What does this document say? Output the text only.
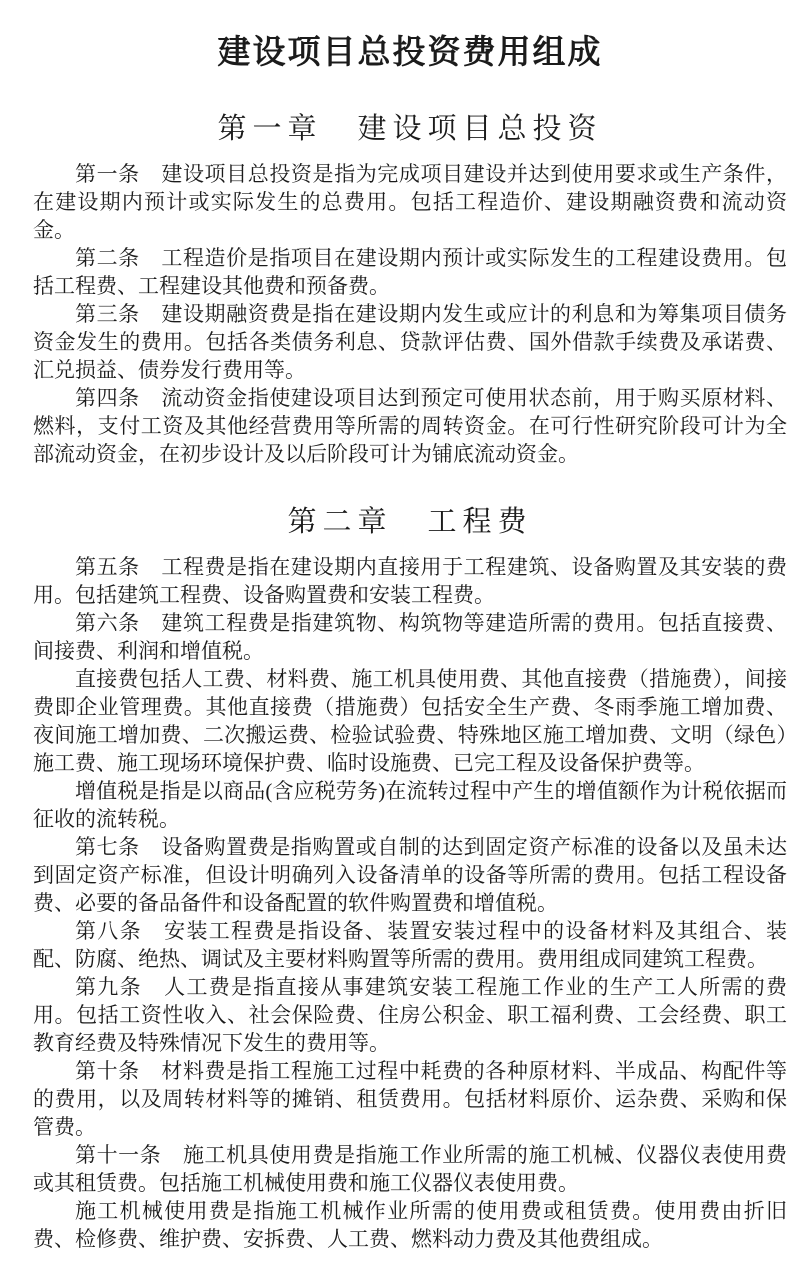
建设项目总投资费用组成
第一章　建设项目总投资

第一条　建设项目总投资是指为完成项目建设并达到使用要求或生产条件，在建设期内预计或实际发生的总费用。包括工程造价、建设期融资费和流动资金。

第二条　工程造价是指项目在建设期内预计或实际发生的工程建设费用。包括工程费、工程建设其他费和预备费。

第三条　建设期融资费是指在建设期内发生或应计的利息和为筹集项目债务资金发生的费用。包括各类债务利息、贷款评估费、国外借款手续费及承诺费、汇兑损益、债券发行费用等。

第四条　流动资金指使建设项目达到预定可使用状态前，用于购买原材料、燃料，支付工资及其他经营费用等所需的周转资金。在可行性研究阶段可计为全部流动资金，在初步设计及以后阶段可计为铺底流动资金。

第二章　工程费

第五条　工程费是指在建设期内直接用于工程建筑、设备购置及其安装的费用。包括建筑工程费、设备购置费和安装工程费。

第六条　建筑工程费是指建筑物、构筑物等建造所需的费用。包括直接费、间接费、利润和增值税。

直接费包括人工费、材料费、施工机具使用费、其他直接费（措施费），间接费即企业管理费。其他直接费（措施费）包括安全生产费、冬雨季施工增加费、夜间施工增加费、二次搬运费、检验试验费、特殊地区施工增加费、文明（绿色）施工费、施工现场环境保护费、临时设施费、已完工程及设备保护费等。

增值税是指是以商品(含应税劳务)在流转过程中产生的增值额作为计税依据而征收的流转税。

第七条　设备购置费是指购置或自制的达到固定资产标准的设备以及虽未达到固定资产标准，但设计明确列入设备清单的设备等所需的费用。包括工程设备费、必要的备品备件和设备配置的软件购置费和增值税。

第八条　安装工程费是指设备、装置安装过程中的设备材料及其组合、装配、防腐、绝热、调试及主要材料购置等所需的费用。费用组成同建筑工程费。

第九条　人工费是指直接从事建筑安装工程施工作业的生产工人所需的费用。包括工资性收入、社会保险费、住房公积金、职工福利费、工会经费、职工教育经费及特殊情况下发生的费用等。

第十条　材料费是指工程施工过程中耗费的各种原材料、半成品、构配件等的费用，以及周转材料等的摊销、租赁费用。包括材料原价、运杂费、采购和保管费。

第十一条　施工机具使用费是指施工作业所需的施工机械、仪器仪表使用费或其租赁费。包括施工机械使用费和施工仪器仪表使用费。

施工机械使用费是指施工机械作业所需的使用费或租赁费。使用费由折旧费、检修费、维护费、安拆费、人工费、燃料动力费及其他费组成。
